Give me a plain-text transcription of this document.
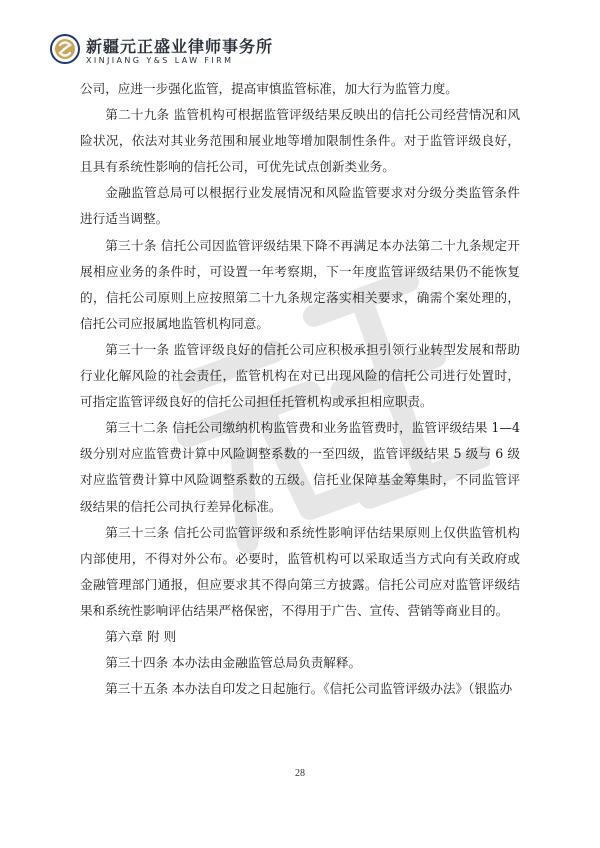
新疆元正盛业律师事务所
XINJIANG Y&S LAW FIRM

公司，应进一步强化监管，提高审慎监管标准，加大行为监管力度。

第二十九条 监管机构可根据监管评级结果反映出的信托公司经营情况和风险状况，依法对其业务范围和展业地等增加限制性条件。对于监管评级良好，且具有系统性影响的信托公司，可优先试点创新类业务。

金融监管总局可以根据行业发展情况和风险监管要求对分级分类监管条件进行适当调整。

第三十条 信托公司因监管评级结果下降不再满足本办法第二十九条规定开展相应业务的条件时，可设置一年考察期，下一年度监管评级结果仍不能恢复的，信托公司原则上应按照第二十九条规定落实相关要求，确需个案处理的，信托公司应报属地监管机构同意。

第三十一条 监管评级良好的信托公司应积极承担引领行业转型发展和帮助行业化解风险的社会责任，监管机构在对已出现风险的信托公司进行处置时，可指定监管评级良好的信托公司担任托管机构或承担相应职责。

第三十二条 信托公司缴纳机构监管费和业务监管费时，监管评级结果 1—4 级分别对应监管费计算中风险调整系数的一至四级，监管评级结果 5 级与 6 级对应监管费计算中风险调整系数的五级。信托业保障基金筹集时，不同监管评级结果的信托公司执行差异化标准。

第三十三条 信托公司监管评级和系统性影响评估结果原则上仅供监管机构内部使用，不得对外公布。必要时，监管机构可以采取适当方式向有关政府或金融管理部门通报，但应要求其不得向第三方披露。信托公司应对监管评级结果和系统性影响评估结果严格保密，不得用于广告、宣传、营销等商业目的。

第六章 附 则

第三十四条 本办法由金融监管总局负责解释。

第三十五条 本办法自印发之日起施行。《信托公司监管评级办法》（银监办

28
